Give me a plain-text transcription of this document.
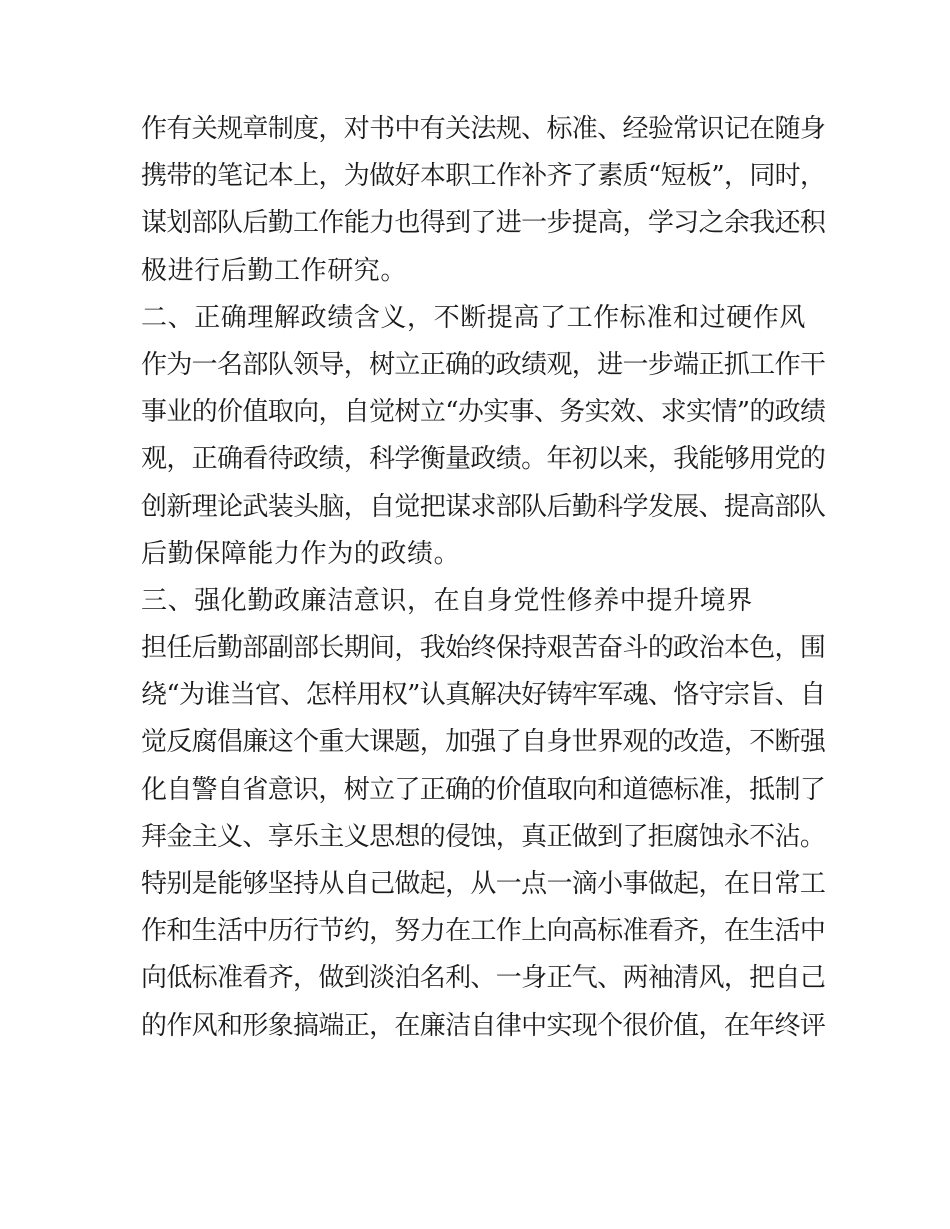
作有关规章制度，对书中有关法规、标准、经验常识记在随身
携带的笔记本上，为做好本职工作补齐了素质“短板”，同时，
谋划部队后勤工作能力也得到了进一步提高，学习之余我还积
极进行后勤工作研究。
二、正确理解政绩含义，不断提高了工作标准和过硬作风
作为一名部队领导，树立正确的政绩观，进一步端正抓工作干
事业的价值取向，自觉树立“办实事、务实效、求实情”的政绩
观，正确看待政绩，科学衡量政绩。年初以来，我能够用党的
创新理论武装头脑，自觉把谋求部队后勤科学发展、提高部队
后勤保障能力作为的政绩。
三、强化勤政廉洁意识，在自身党性修养中提升境界
担任后勤部副部长期间，我始终保持艰苦奋斗的政治本色，围
绕“为谁当官、怎样用权”认真解决好铸牢军魂、恪守宗旨、自
觉反腐倡廉这个重大课题，加强了自身世界观的改造，不断强
化自警自省意识，树立了正确的价值取向和道德标准，抵制了
拜金主义、享乐主义思想的侵蚀，真正做到了拒腐蚀永不沾。
特别是能够坚持从自己做起，从一点一滴小事做起，在日常工
作和生活中历行节约，努力在工作上向高标准看齐，在生活中
向低标准看齐，做到淡泊名利、一身正气、两袖清风，把自己
的作风和形象搞端正，在廉洁自律中实现个很价值，在年终评
